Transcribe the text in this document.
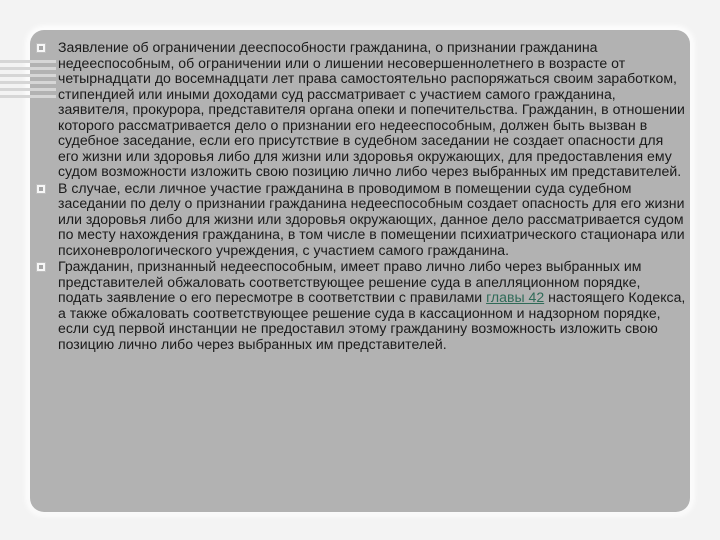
Заявление об ограничении дееспособности гражданина, о признании гражданина недееспособным, об ограничении или о лишении несовершеннолетнего в возрасте от четырнадцати до восемнадцати лет права самостоятельно распоряжаться своим заработком, стипендией или иными доходами суд рассматривает с участием самого гражданина, заявителя, прокурора, представителя органа опеки и попечительства. Гражданин, в отношении которого рассматривается дело о признании его недееспособным, должен быть вызван в судебное заседание, если его присутствие в судебном заседании не создает опасности для его жизни или здоровья либо для жизни или здоровья окружающих, для предоставления ему судом возможности изложить свою позицию лично либо через выбранных им представителей.

В случае, если личное участие гражданина в проводимом в помещении суда судебном заседании по делу о признании гражданина недееспособным создает опасность для его жизни или здоровья либо для жизни или здоровья окружающих, данное дело рассматривается судом по месту нахождения гражданина, в том числе в помещении психиатрического стационара или психоневрологического учреждения, с участием самого гражданина.

Гражданин, признанный недееспособным, имеет право лично либо через выбранных им представителей обжаловать соответствующее решение суда в апелляционном порядке, подать заявление о его пересмотре в соответствии с правилами главы 42 настоящего Кодекса, а также обжаловать соответствующее решение суда в кассационном и надзорном порядке, если суд первой инстанции не предоставил этому гражданину возможность изложить свою позицию лично либо через выбранных им представителей.
